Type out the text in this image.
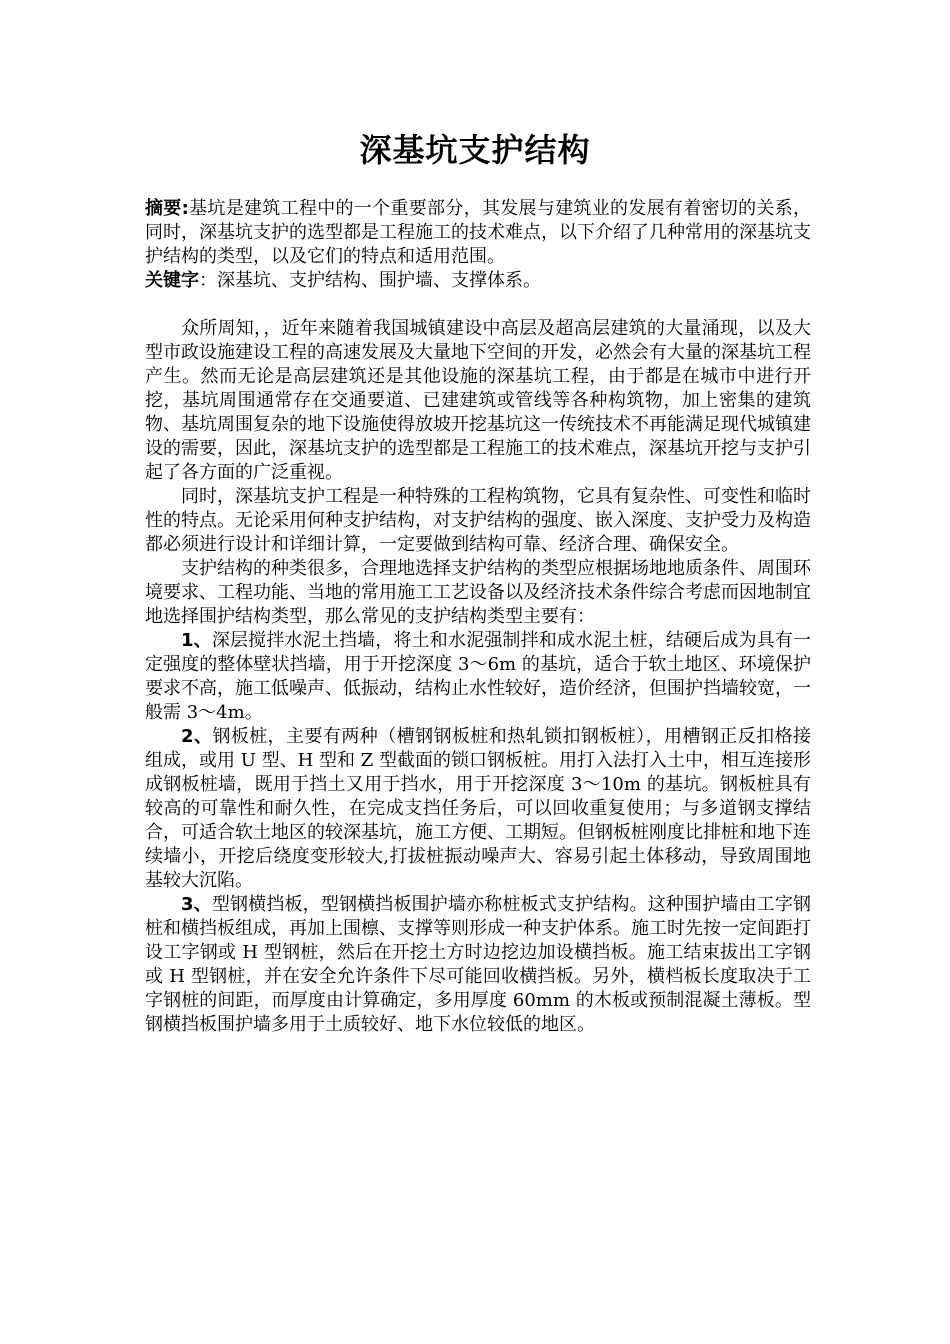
深基坑支护结构

摘要:基坑是建筑工程中的一个重要部分，其发展与建筑业的发展有着密切的关系，同时，深基坑支护的选型都是工程施工的技术难点，以下介绍了几种常用的深基坑支护结构的类型，以及它们的特点和适用范围。

关键字：深基坑、支护结构、围护墙、支撑体系。

众所周知，，近年来随着我国城镇建设中高层及超高层建筑的大量涌现，以及大型市政设施建设工程的高速发展及大量地下空间的开发，必然会有大量的深基坑工程产生。然而无论是高层建筑还是其他设施的深基坑工程，由于都是在城市中进行开挖，基坑周围通常存在交通要道、已建建筑或管线等各种构筑物，加上密集的建筑物、基坑周围复杂的地下设施使得放坡开挖基坑这一传统技术不再能满足现代城镇建设的需要，因此，深基坑支护的选型都是工程施工的技术难点，深基坑开挖与支护引起了各方面的广泛重视。

同时，深基坑支护工程是一种特殊的工程构筑物，它具有复杂性、可变性和临时性的特点。无论采用何种支护结构，对支护结构的强度、嵌入深度、支护受力及构造都必须进行设计和详细计算，一定要做到结构可靠、经济合理、确保安全。

支护结构的种类很多，合理地选择支护结构的类型应根据场地地质条件、周围环境要求、工程功能、当地的常用施工工艺设备以及经济技术条件综合考虑而因地制宜地选择围护结构类型，那么常见的支护结构类型主要有：

1、深层搅拌水泥土挡墙，将土和水泥强制拌和成水泥土桩，结硬后成为具有一定强度的整体壁状挡墙，用于开挖深度 3～6m 的基坑，适合于软土地区、环境保护要求不高，施工低噪声、低振动，结构止水性较好，造价经济，但围护挡墙较宽，一般需 3～4m。

2、钢板桩，主要有两种（槽钢钢板桩和热轧锁扣钢板桩），用槽钢正反扣格接组成，或用 U 型、H 型和 Z 型截面的锁口钢板桩。用打入法打入土中，相互连接形成钢板桩墙，既用于挡土又用于挡水，用于开挖深度 3～10m 的基坑。钢板桩具有较高的可靠性和耐久性，在完成支挡任务后，可以回收重复使用；与多道钢支撑结合，可适合软土地区的较深基坑，施工方便、工期短。但钢板桩刚度比排桩和地下连续墙小，开挖后绕度变形较大,打拔桩振动噪声大、容易引起土体移动，导致周围地基较大沉陷。

3、型钢横挡板，型钢横挡板围护墙亦称桩板式支护结构。这种围护墙由工字钢桩和横挡板组成，再加上围檩、支撑等则形成一种支护体系。施工时先按一定间距打设工字钢或 H 型钢桩，然后在开挖土方时边挖边加设横挡板。施工结束拔出工字钢或 H 型钢桩，并在安全允许条件下尽可能回收横挡板。另外，横档板长度取决于工字钢桩的间距，而厚度由计算确定，多用厚度 60mm 的木板或预制混凝土薄板。型钢横挡板围护墙多用于土质较好、地下水位较低的地区。
